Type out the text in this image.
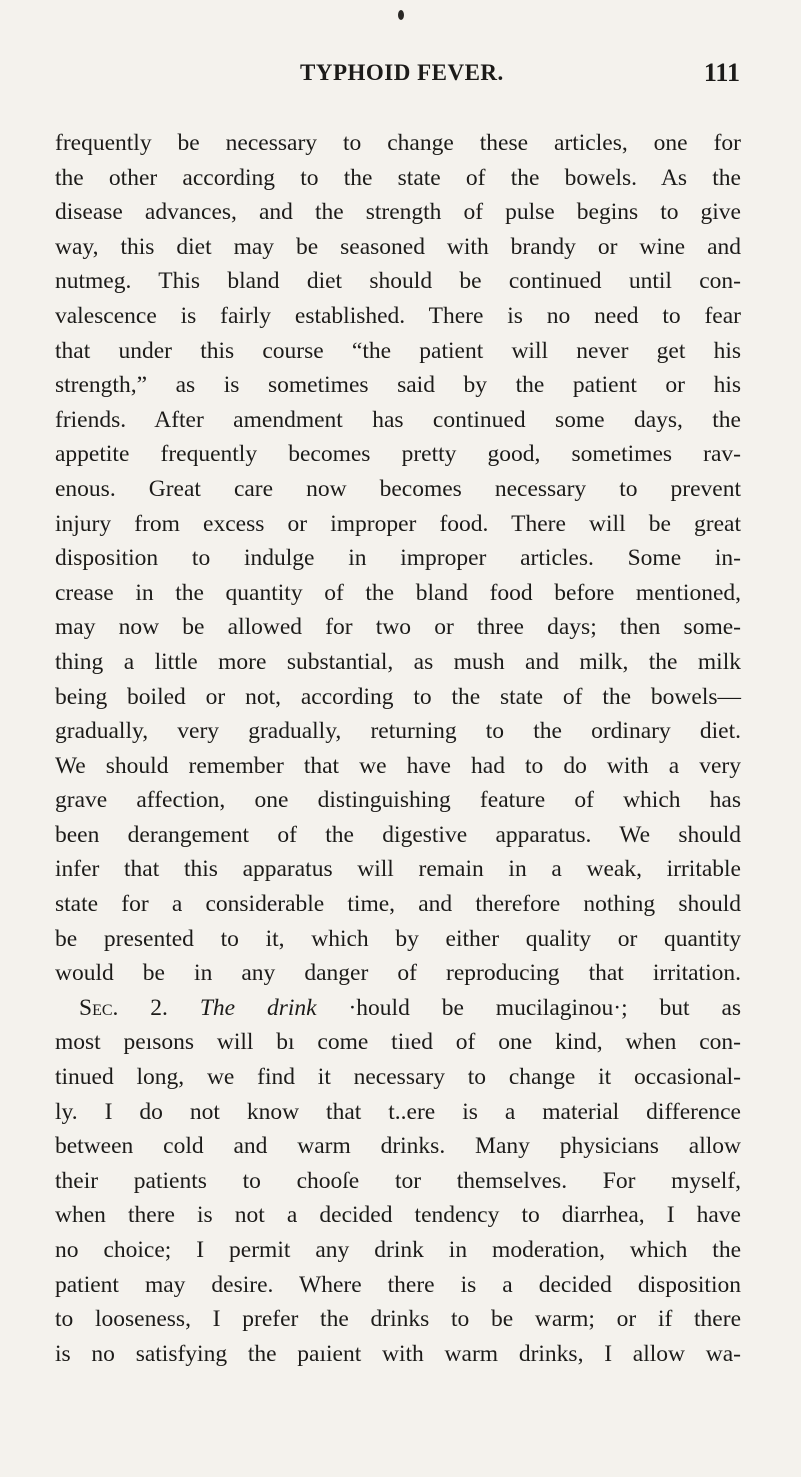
TYPHOID FEVER.	111
frequently be necessary to change these articles, one for
the other according to the state of the bowels. As the
disease advances, and the strength of pulse begins to give
way, this diet may be seasoned with brandy or wine and
nutmeg. This bland diet should be continued until con-
valescence is fairly established. There is no need to fear
that under this course “the patient will never get his
strength,” as is sometimes said by the patient or his
friends. After amendment has continued some days, the
appetite frequently becomes pretty good, sometimes rav-
enous. Great care now becomes necessary to prevent
injury from excess or improper food. There will be great
disposition to indulge in improper articles. Some in-
crease in the quantity of the bland food before mentioned,
may now be allowed for two or three days; then some-
thing a little more substantial, as mush and milk, the milk
being boiled or not, according to the state of the bowels—
gradually, very gradually, returning to the ordinary diet.
We should remember that we have had to do with a very
grave affection, one distinguishing feature of which has
been derangement of the digestive apparatus. We should
infer that this apparatus will remain in a weak, irritable
state for a considerable time, and therefore nothing should
be presented to it, which by either quality or quantity
would be in any danger of reproducing that irritation.
Sec. 2. The drink ·hould be mucilaginou·; but as
most peısons will bı come tiıed of one kind, when con-
tinued long, we find it necessary to change it occasional-
ly. I do not know that t..ere is a material difference
between cold and warm drinks. Many physicians allow
their patients to chooſe tor themselves. For myself,
when there is not a decided tendency to diarrhea, I have
no choice; I permit any drink in moderation, which the
patient may desire. Where there is a decided disposition
to looseness, I prefer the drinks to be warm; or if there
is no satisfying the paıient with warm drinks, I allow wa-
